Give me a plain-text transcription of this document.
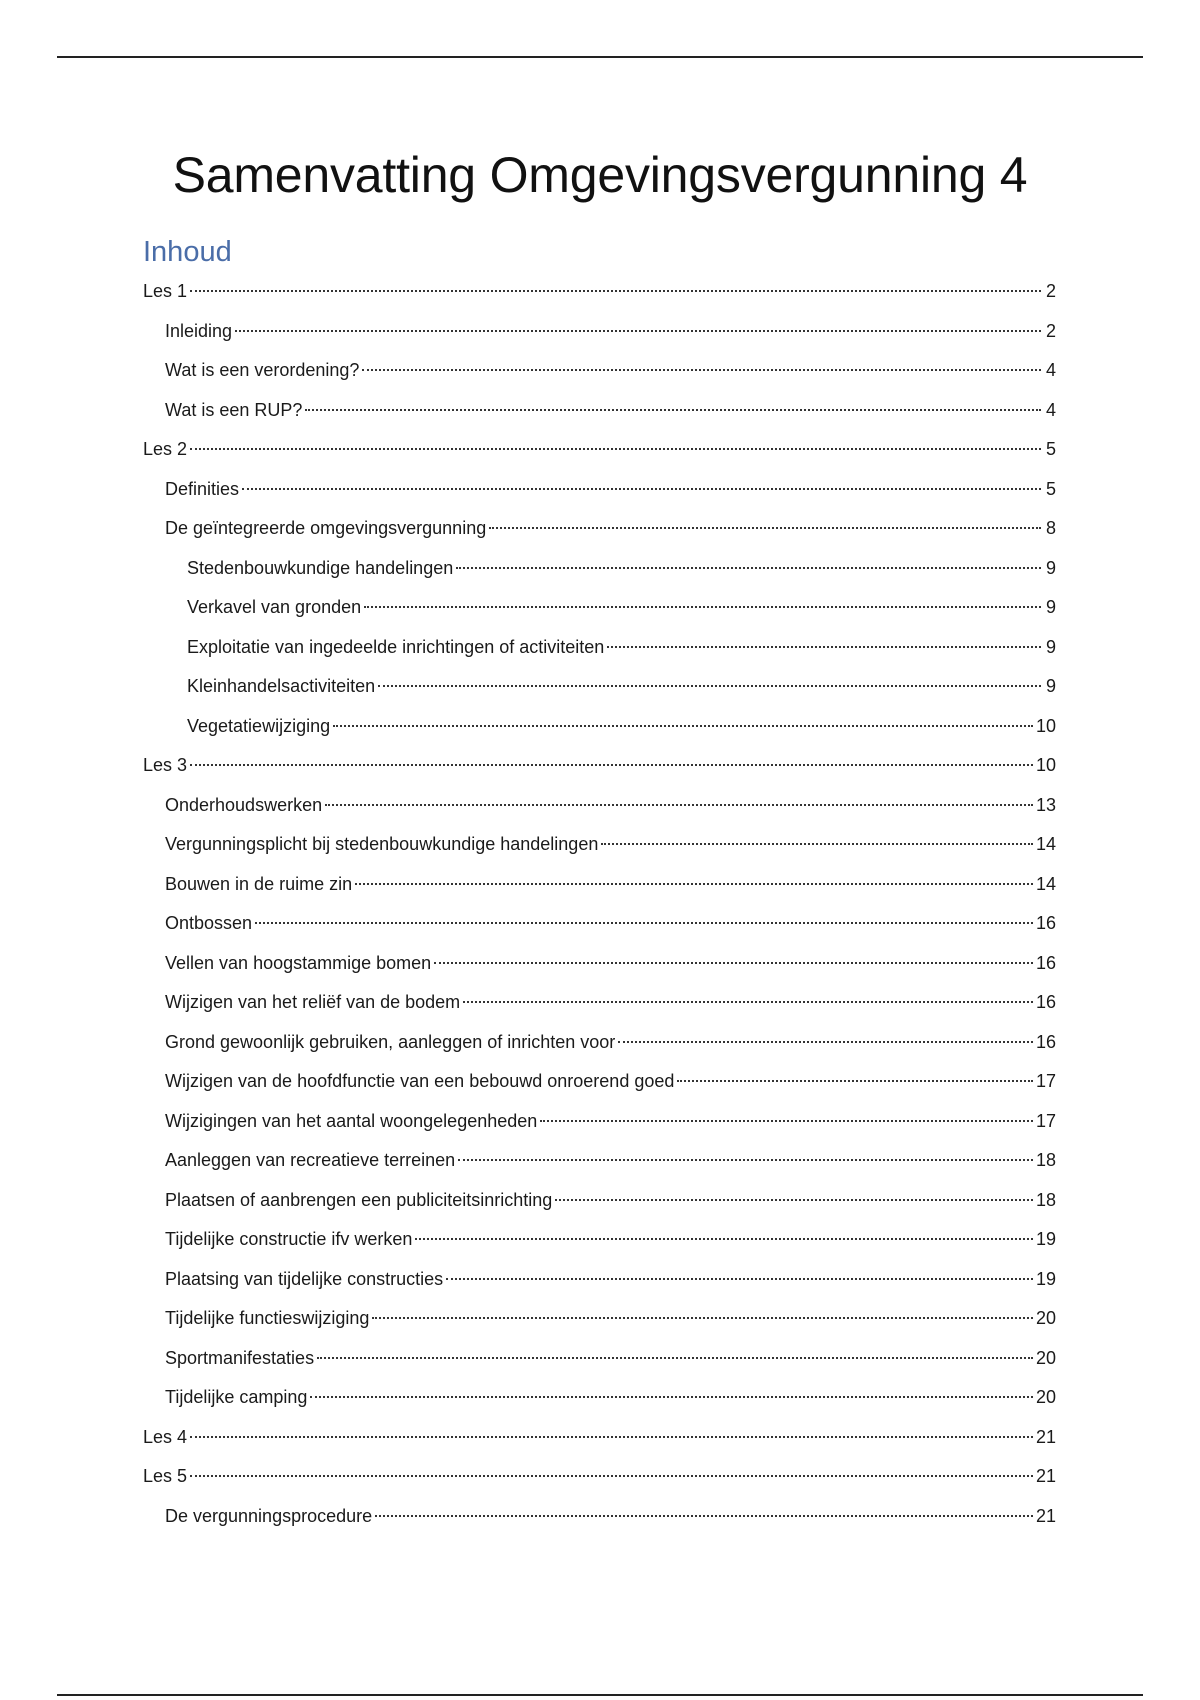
Samenvatting Omgevingsvergunning 4
Inhoud
Les 1	2
Inleiding	2
Wat is een verordening?	4
Wat is een RUP?	4
Les 2	5
Definities	5
De geïntegreerde omgevingsvergunning	8
Stedenbouwkundige handelingen	9
Verkavel van gronden	9
Exploitatie van ingedeelde inrichtingen of activiteiten	9
Kleinhandelsactiviteiten	9
Vegetatiewijziging	10
Les 3	10
Onderhoudswerken	13
Vergunningsplicht bij stedenbouwkundige handelingen	14
Bouwen in de ruime zin	14
Ontbossen	16
Vellen van hoogstammige bomen	16
Wijzigen van het reliëf van de bodem	16
Grond gewoonlijk gebruiken, aanleggen of inrichten voor	16
Wijzigen van de hoofdfunctie van een bebouwd onroerend goed	17
Wijzigingen van het aantal woongelegenheden	17
Aanleggen van recreatieve terreinen	18
Plaatsen of aanbrengen een publiciteitsinrichting	18
Tijdelijke constructie ifv werken	19
Plaatsing van tijdelijke constructies	19
Tijdelijke functieswijziging	20
Sportmanifestaties	20
Tijdelijke camping	20
Les 4	21
Les 5	21
De vergunningsprocedure	21
